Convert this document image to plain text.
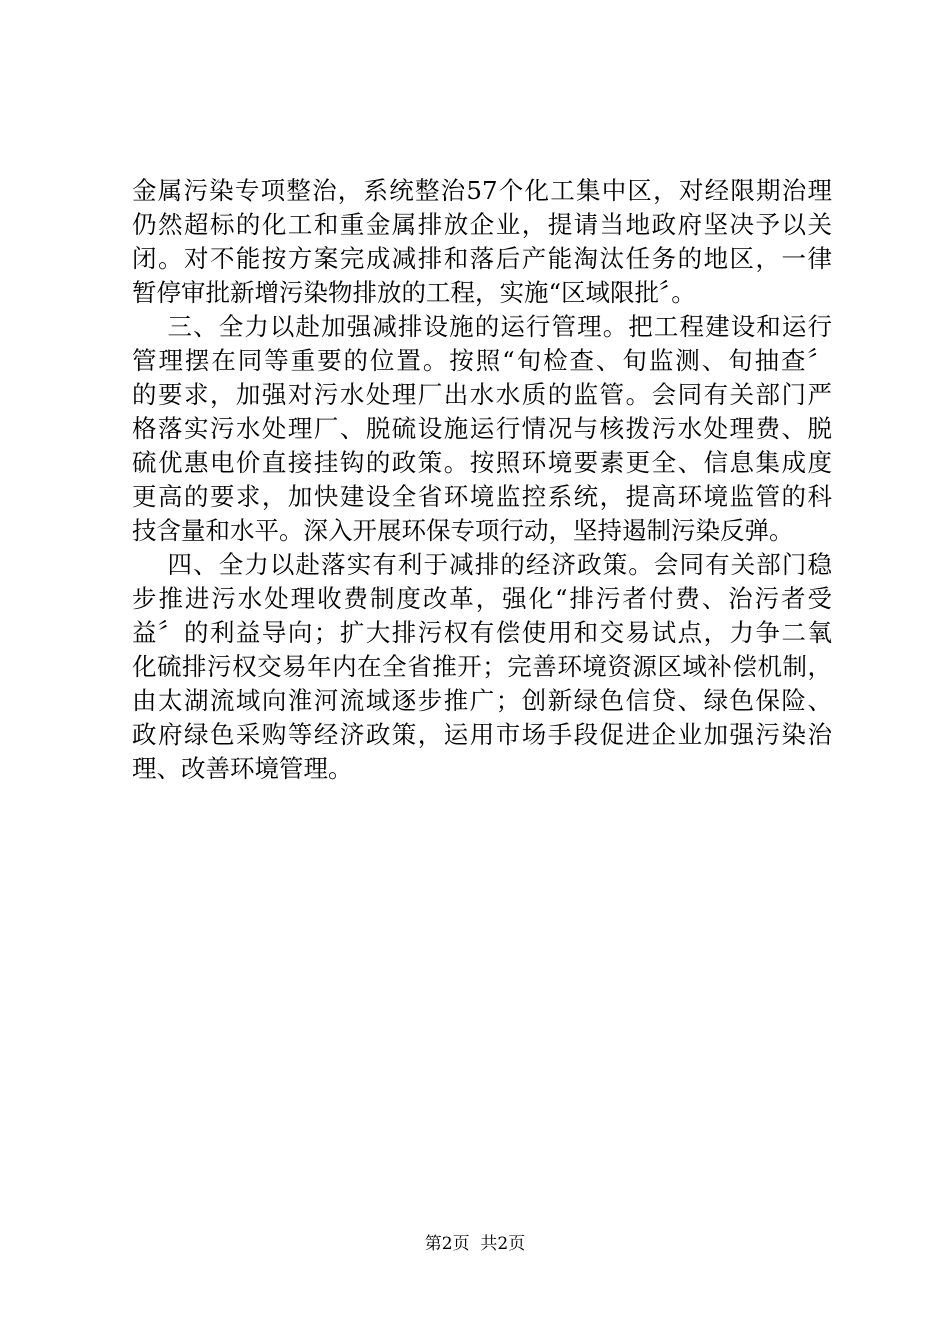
金属污染专项整治，系统整治57个化工集中区，对经限期治理
仍然超标的化工和重金属排放企业，提请当地政府坚决予以关
闭。对不能按方案完成减排和落后产能淘汰任务的地区，一律
暂停审批新增污染物排放的工程，实施“区域限批〞。
三、全力以赴加强减排设施的运行管理。把工程建设和运行
管理摆在同等重要的位置。按照“旬检查、旬监测、旬抽查〞
的要求，加强对污水处理厂出水水质的监管。会同有关部门严
格落实污水处理厂、脱硫设施运行情况与核拨污水处理费、脱
硫优惠电价直接挂钩的政策。按照环境要素更全、信息集成度
更高的要求，加快建设全省环境监控系统，提高环境监管的科
技含量和水平。深入开展环保专项行动，坚持遏制污染反弹。
四、全力以赴落实有利于减排的经济政策。会同有关部门稳
步推进污水处理收费制度改革，强化“排污者付费、治污者受
益〞的利益导向；扩大排污权有偿使用和交易试点，力争二氧
化硫排污权交易年内在全省推开；完善环境资源区域补偿机制，
由太湖流域向淮河流域逐步推广；创新绿色信贷、绿色保险、
政府绿色采购等经济政策，运用市场手段促进企业加强污染治
理、改善环境管理。
第2页  共2页
